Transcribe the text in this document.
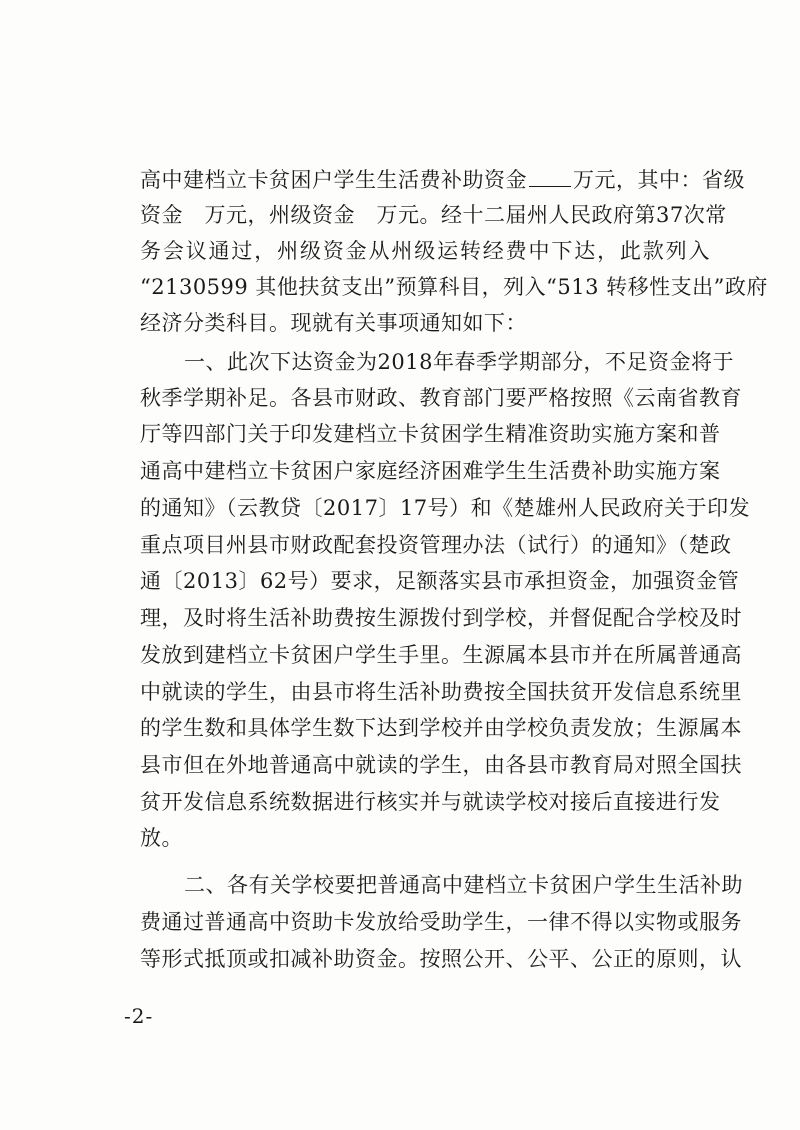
高中建档立卡贫困户学生生活费补助资金 万元，其中：省级
资金　万元，州级资金　万元。经十二届州人民政府第37次常
务会议通过，州级资金从州级运转经费中下达，此款列入
“2130599 其他扶贫支出”预算科目，列入“513 转移性支出”政府
经济分类科目。现就有关事项通知如下：
一、此次下达资金为2018年春季学期部分，不足资金将于
秋季学期补足。各县市财政、教育部门要严格按照《云南省教育
厅等四部门关于印发建档立卡贫困学生精准资助实施方案和普
通高中建档立卡贫困户家庭经济困难学生生活费补助实施方案
的通知》（云教贷〔2017〕17号）和《楚雄州人民政府关于印发
重点项目州县市财政配套投资管理办法（试行）的通知》（楚政
通〔2013〕62号）要求，足额落实县市承担资金，加强资金管
理，及时将生活补助费按生源拨付到学校，并督促配合学校及时
发放到建档立卡贫困户学生手里。生源属本县市并在所属普通高
中就读的学生，由县市将生活补助费按全国扶贫开发信息系统里
的学生数和具体学生数下达到学校并由学校负责发放；生源属本
县市但在外地普通高中就读的学生，由各县市教育局对照全国扶
贫开发信息系统数据进行核实并与就读学校对接后直接进行发
放。
二、各有关学校要把普通高中建档立卡贫困户学生生活补助
费通过普通高中资助卡发放给受助学生，一律不得以实物或服务
等形式抵顶或扣减补助资金。按照公开、公平、公正的原则，认
-2-
